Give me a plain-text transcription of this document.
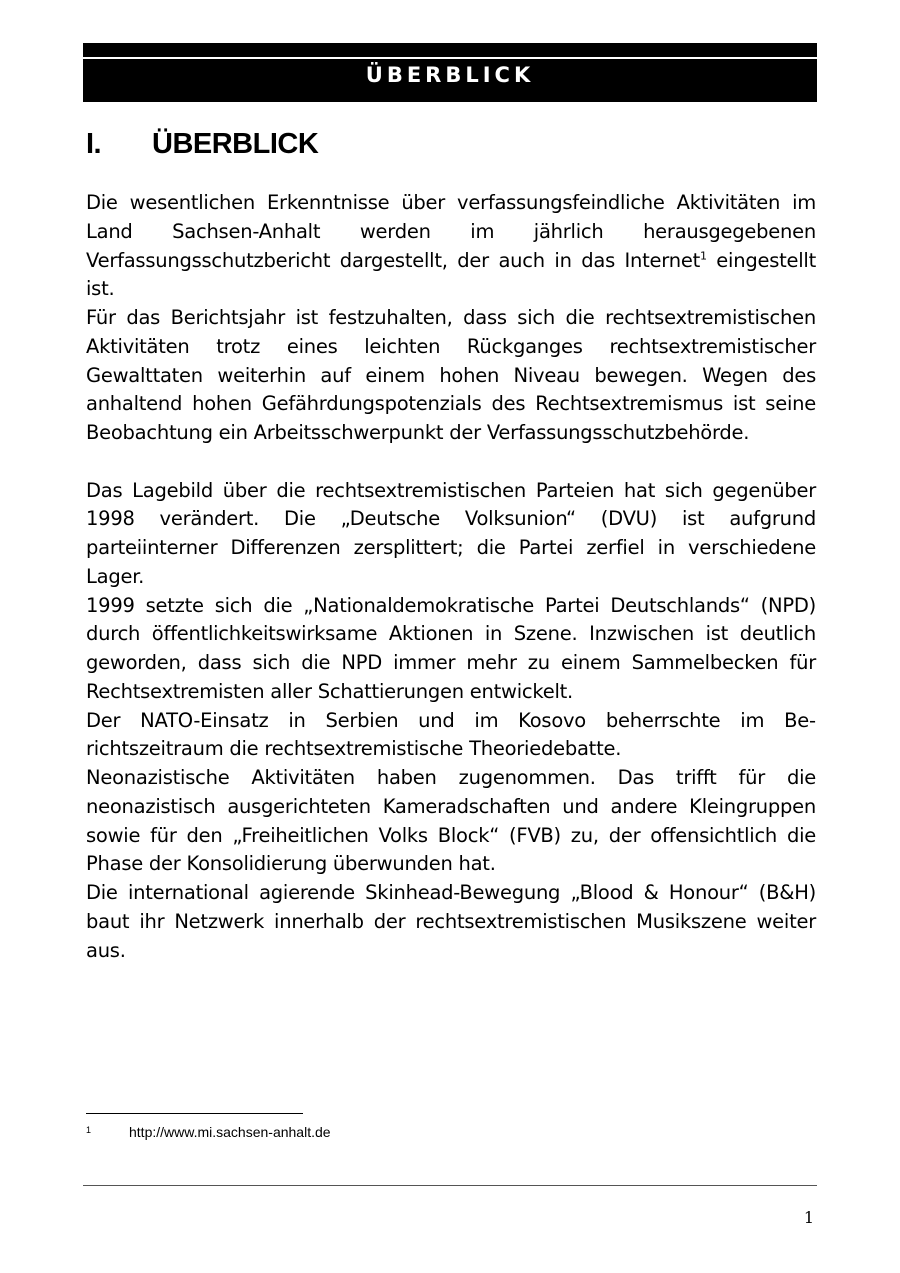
ÜBERBLICK
I. ÜBERBLICK

Die wesentlichen Erkenntnisse über verfassungsfeindliche Aktivitäten im Land Sachsen-Anhalt werden im jährlich herausgegebenen Verfassungsschutzbericht dargestellt, der auch in das Internet$^1$ eingestellt ist.

Für das Berichtsjahr ist festzuhalten, dass sich die rechtsextremistischen Aktivitäten trotz eines leichten Rückganges rechtsextremistischer Gewalttaten weiterhin auf einem hohen Niveau bewegen. Wegen des anhaltend hohen Gefährdungspotenzials des Rechtsextremismus ist seine Beobachtung ein Arbeitsschwerpunkt der Verfassungsschutzbehörde.

Das Lagebild über die rechtsextremistischen Parteien hat sich gegenüber 1998 verändert. Die „Deutsche Volksunion“ (DVU) ist aufgrund parteiinterner Differenzen zersplittert; die Partei zerfiel in verschiedene Lager.

1999 setzte sich die „Nationaldemokratische Partei Deutschlands“ (NPD) durch öffentlichkeitswirksame Aktionen in Szene. Inzwischen ist deutlich geworden, dass sich die NPD immer mehr zu einem Sammelbecken für Rechtsextremisten aller Schattierungen entwickelt.

Der NATO-Einsatz in Serbien und im Kosovo beherrschte im Berichtszeitraum die rechtsextremistische Theoriedebatte.

Neonazistische Aktivitäten haben zugenommen. Das trifft für die neonazistisch ausgerichteten Kameradschaften und andere Kleingruppen sowie für den „Freiheitlichen Volks Block“ (FVB) zu, der offensichtlich die Phase der Konsolidierung überwunden hat.

Die international agierende Skinhead-Bewegung „Blood & Honour“ (B&H) baut ihr Netzwerk innerhalb der rechtsextremistischen Musikszene weiter aus.

1	http://www.mi.sachsen-anhalt.de
1
